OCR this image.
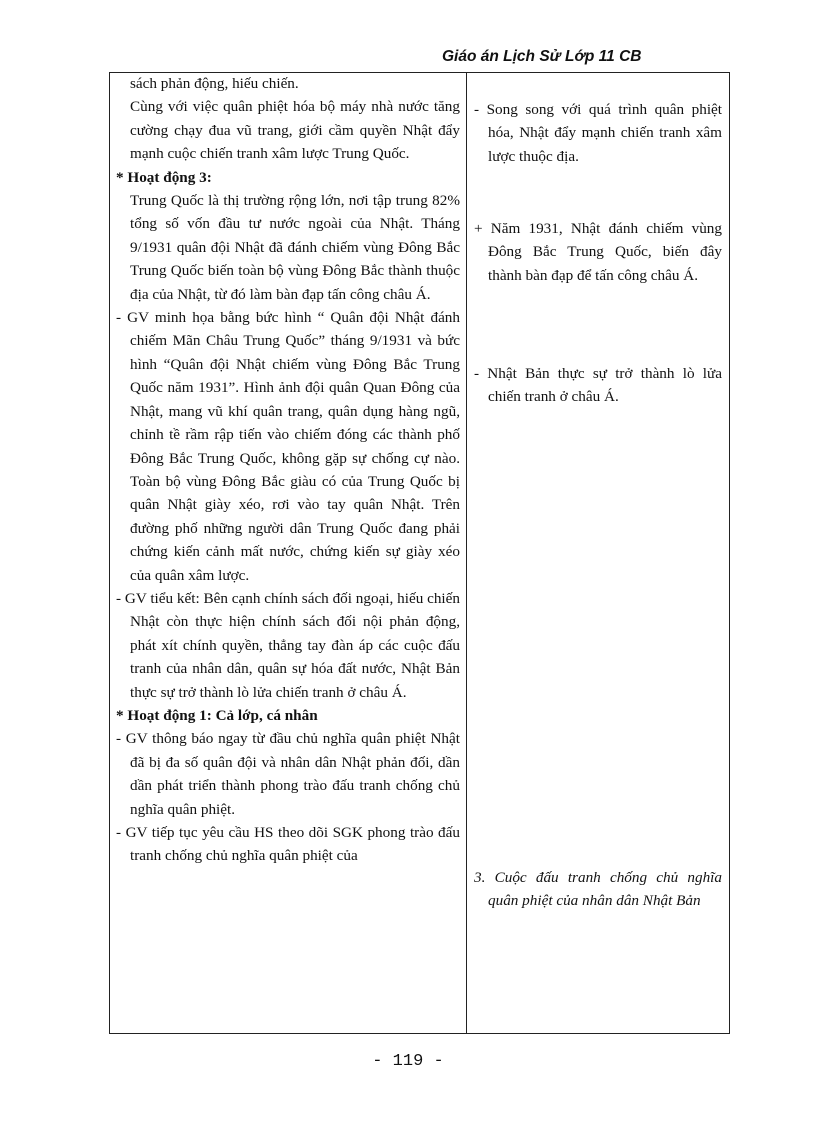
Giáo án Lịch Sử Lớp 11 CB

sách phản động, hiếu chiến.

Cùng với việc quân phiệt hóa bộ máy nhà nước tăng cường chạy đua vũ trang, giới cầm quyền Nhật đẩy mạnh cuộc chiến tranh xâm lược Trung Quốc.

* Hoạt động 3:

Trung Quốc là thị trường rộng lớn, nơi tập trung 82% tổng số vốn đầu tư nước ngoài của Nhật. Tháng 9/1931 quân đội Nhật đã đánh chiếm vùng Đông Bắc Trung Quốc biến toàn bộ vùng Đông Bắc thành thuộc địa của Nhật, từ đó làm bàn đạp tấn công châu Á.

- GV minh họa bằng bức hình “ Quân đội Nhật đánh chiếm Mãn Châu Trung Quốc” tháng 9/1931 và bức hình “Quân đội Nhật chiếm vùng Đông Bắc Trung Quốc năm 1931”. Hình ảnh đội quân Quan Đông của Nhật, mang vũ khí quân trang, quân dụng hàng ngũ, chỉnh tề rầm rập tiến vào chiếm đóng các thành phố Đông Bắc Trung Quốc, không gặp sự chống cự nào. Toàn bộ vùng Đông Bắc giàu có của Trung Quốc bị quân Nhật giày xéo, rơi vào tay quân Nhật. Trên đường phố những người dân Trung Quốc đang phải chứng kiến cảnh mất nước, chứng kiến sự giày xéo của quân xâm lược.

- GV tiểu kết: Bên cạnh chính sách đối ngoại, hiếu chiến Nhật còn thực hiện chính sách đối nội phản động, phát xít chính quyền, thẳng tay đàn áp các cuộc đấu tranh của nhân dân, quân sự hóa đất nước, Nhật Bản thực sự trở thành lò lửa chiến tranh ở châu Á.

* Hoạt động 1: Cả lớp, cá nhân

- GV thông báo ngay từ đầu chủ nghĩa quân phiệt Nhật đã bị đa số quân đội và nhân dân Nhật phản đối, dần dần phát triển thành phong trào đấu tranh chống chủ nghĩa quân phiệt.

- GV tiếp tục yêu cầu HS theo dõi SGK phong trào đấu tranh chống chủ nghĩa quân phiệt của

- Song song với quá trình quân phiệt hóa, Nhật đẩy mạnh chiến tranh xâm lược thuộc địa.

+ Năm 1931, Nhật đánh chiếm vùng Đông Bắc Trung Quốc, biến đây thành bàn đạp để tấn công châu Á.

- Nhật Bản thực sự trở thành lò lửa chiến tranh ở châu Á.

3. Cuộc đấu tranh chống chủ nghĩa quân phiệt của nhân dân Nhật Bản

- 119 -
